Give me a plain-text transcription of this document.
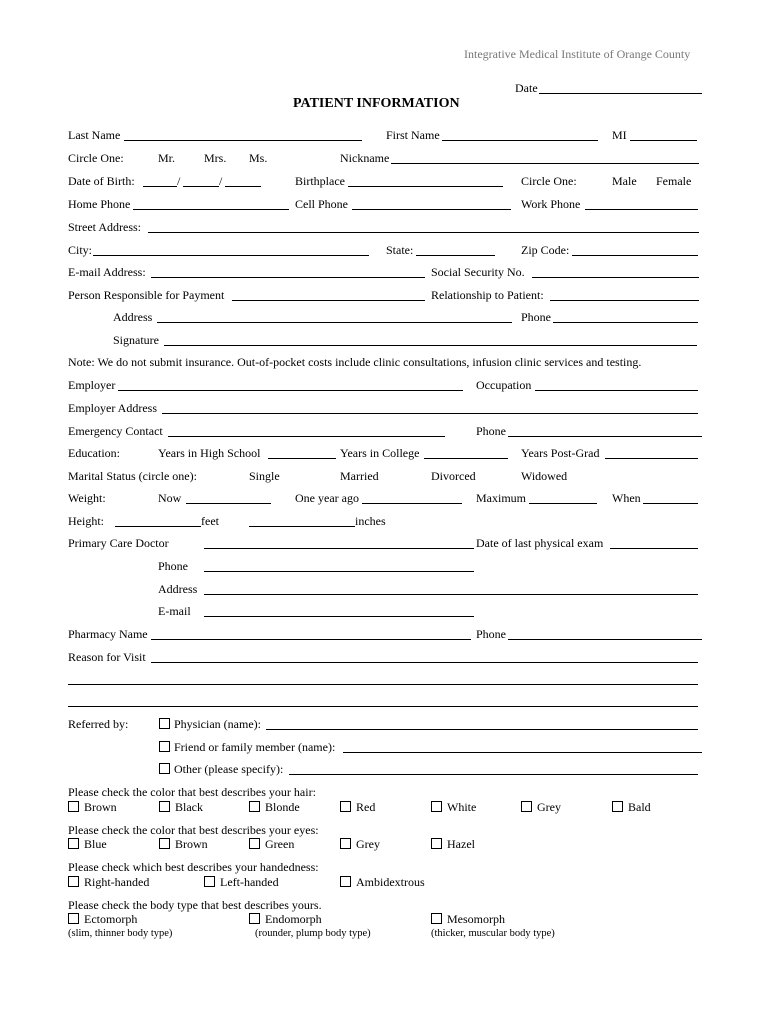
Integrative Medical Institute of Orange County
Date
PATIENT INFORMATION
Last Name	First Name	MI
Circle One:	Mr. Mrs. Ms.	Nickname
Date of Birth:	/	/	Birthplace	Circle One:	Male Female
Home Phone	Cell Phone	Work Phone
Street Address:
City:	State:	Zip Code:
E-mail Address:	Social Security No.
Person Responsible for Payment	Relationship to Patient:
Address	Phone
Signature
Note: We do not submit insurance. Out-of-pocket costs include clinic consultations, infusion clinic services and testing.
Employer	Occupation
Employer Address
Emergency Contact	Phone
Education:	Years in High School	Years in College	Years Post-Grad
Marital Status (circle one):	Single	Married	Divorced	Widowed
Weight:	Now	One year ago	Maximum	When
Height:	feet	inches
Primary Care Doctor	Date of last physical exam
Phone
Address
E-mail
Pharmacy Name	Phone
Reason for Visit
Referred by:	Physician (name):
Friend or family member (name):
Other (please specify):
Please check the color that best describes your hair:
Brown	Black	Blonde	Red	White	Grey	Bald
Please check the color that best describes your eyes:
Blue	Brown	Green	Grey	Hazel
Please check which best describes your handedness:
Right-handed	Left-handed	Ambidextrous
Please check the body type that best describes yours.
Ectomorph	Endomorph	Mesomorph
(slim, thinner body type)	(rounder, plump body type)	(thicker, muscular body type)
